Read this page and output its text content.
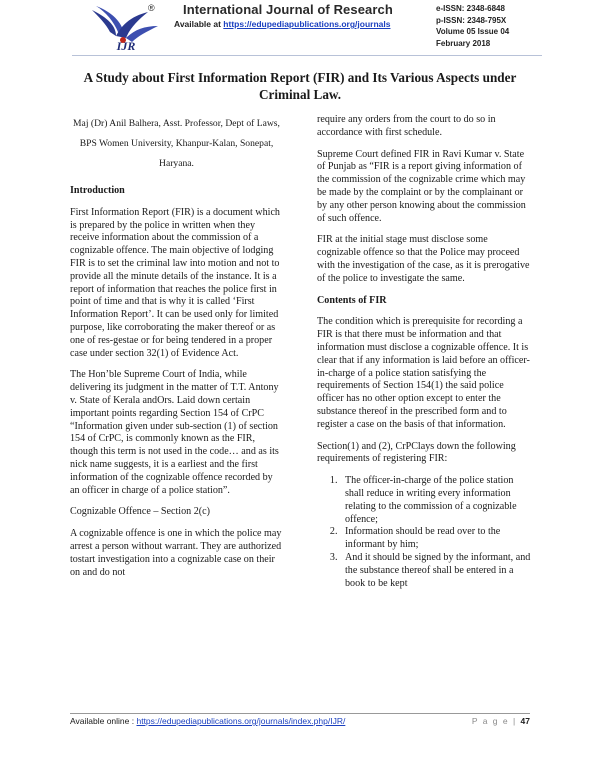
IJR
® International Journal of Research
Available at https://edupediapublications.org/journals
e-ISSN: 2348-6848
p-ISSN: 2348-795X
Volume 05 Issue 04
February 2018
A Study about First Information Report (FIR) and Its Various Aspects under Criminal Law.

Maj (Dr) Anil Balhera, Asst. Professor, Dept of Laws, BPS Women University, Khanpur-Kalan, Sonepat, Haryana.

Introduction

First Information Report (FIR) is a document which is prepared by the police in written when they receive information about the commission of a cognizable offence. The main objective of lodging FIR is to set the criminal law into motion and not to provide all the minute details of the instance. It is a report of information that reaches the police first in point of time and that is why it is called ‘First Information Report’. It can be used only for limited purpose, like corroborating the maker thereof or as one of res-gestae or for being tendered in a proper case under section 32(1) of Evidence Act.

The Hon’ble Supreme Court of India, while delivering its judgment in the matter of T.T. Antony v. State of Kerala andOrs. Laid down certain important points regarding Section 154 of CrPC “Information given under sub-section (1) of section 154 of CrPC, is commonly known as the FIR, though this term is not used in the code… and as its nick name suggests, it is a earliest and the first information of the cognizable offence recorded by an officer in charge of a police station”.

Cognizable Offence – Section 2(c)

A cognizable offence is one in which the police may arrest a person without warrant. They are authorized tostart investigation into a cognizable case on their on and do not

require any orders from the court to do so in accordance with first schedule.

Supreme Court defined FIR in Ravi Kumar v. State of Punjab as “FIR is a report giving information of the commission of the cognizable crime which may be made by the complaint or by the complainant or by any other person knowing about the commission of such offence.

FIR at the initial stage must disclose some cognizable offence so that the Police may proceed with the investigation of the case, as it is prerogative of the police to investigate the same.

Contents of FIR

The condition which is prerequisite for recording a FIR is that there must be information and that information must disclose a cognizable offence. It is clear that if any information is laid before an officer-in-charge of a police station satisfying the requirements of Section 154(1) the said police officer has no other option except to enter the substance thereof in the prescribed form and to register a case on the basis of that information.

Section(1) and (2), CrPClays down the following requirements of registering FIR:

1. The officer-in-charge of the police station shall reduce in writing every information relating to the commission of a cognizable offence;
2. Information should be read over to the informant by him;
3. And it should be signed by the informant, and the substance thereof shall be entered in a book to be kept
Available online : https://edupediapublications.org/journals/index.php/IJR/	P a g e | 47
